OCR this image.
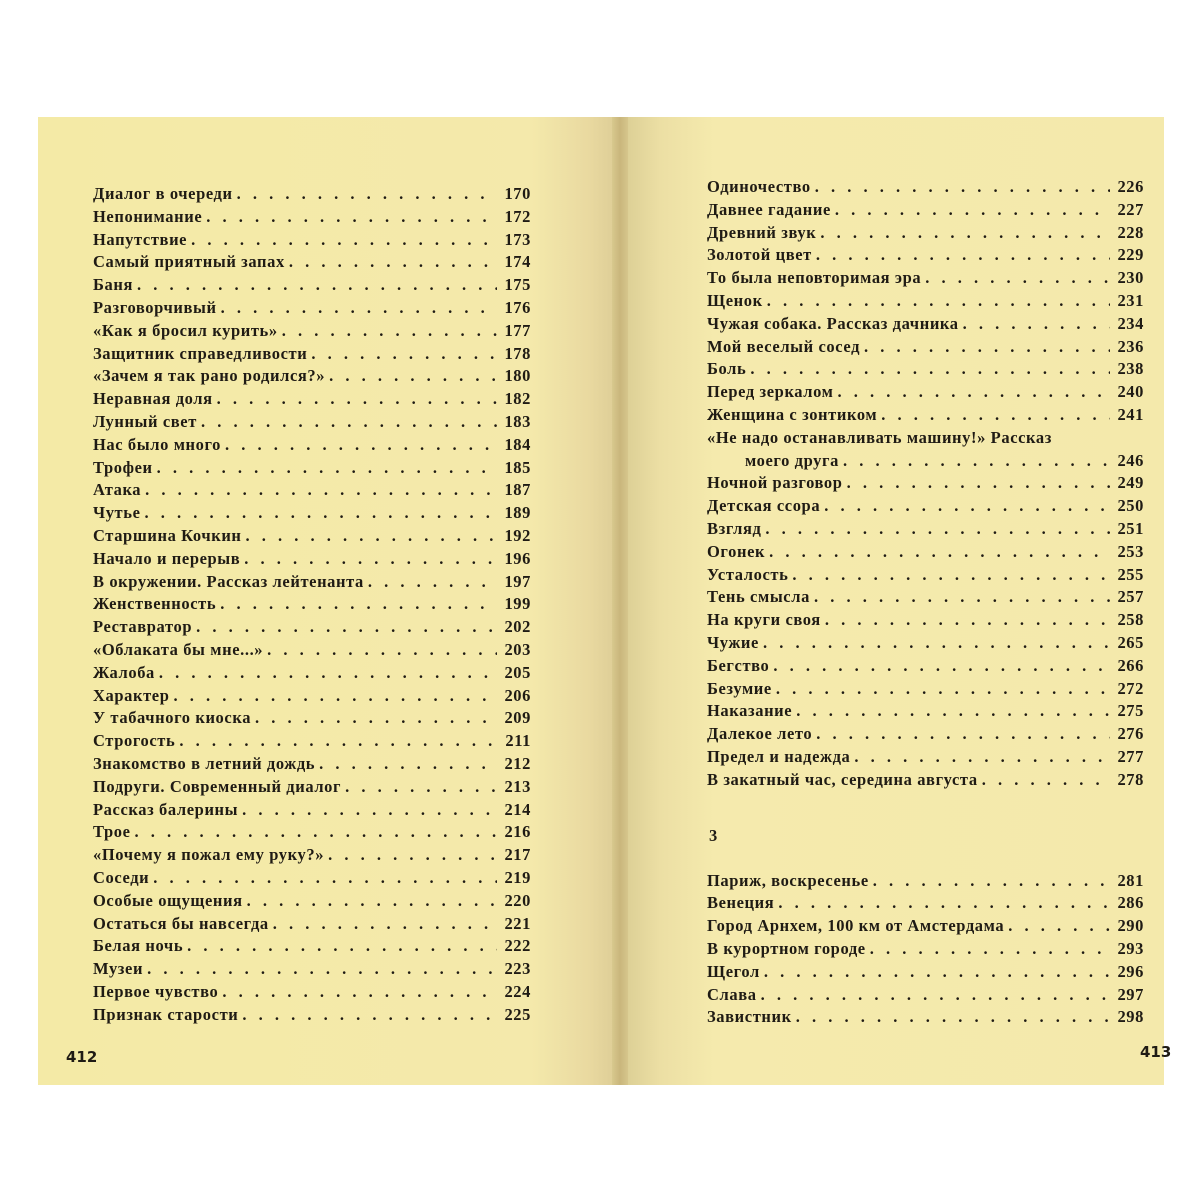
Диалог в очереди . . .	170
Непонимание . . .	172
Напутствие . . .	173
Самый приятный запах . . .	174
Баня . . .	175
Разговорчивый . . .	176
«Как я бросил курить» . . .	177
Защитник справедливости . . .	178
«Зачем я так рано родился?» . . .	180
Неравная доля . . .	182
Лунный свет . . .	183
Нас было много . . .	184
Трофеи . . .	185
Атака . . .	187
Чутье . . .	189
Старшина Кочкин . . .	192
Начало и перерыв . . .	196
В окружении. Рассказ лейтенанта . . .	197
Женственность . . .	199
Реставратор . . .	202
«Облаката бы мне...» . . .	203
Жалоба . . .	205
Характер . . .	206
У табачного киоска . . .	209
Строгость . . .	211
Знакомство в летний дождь . . .	212
Подруги. Современный диалог . . .	213
Рассказ балерины . . .	214
Трое . . .	216
«Почему я пожал ему руку?» . . .	217
Соседи . . .	219
Особые ощущения . . .	220
Остаться бы навсегда . . .	221
Белая ночь . . .	222
Музеи . . .	223
Первое чувство . . .	224
Признак старости . . .	225
Одиночество . . .	226
Давнее гадание . . .	227
Древний звук . . .	228
Золотой цвет . . .	229
То была неповторимая эра . . .	230
Щенок . . .	231
Чужая собака. Рассказ дачника . . .	234
Мой веселый сосед . . .	236
Боль . . .	238
Перед зеркалом . . .	240
Женщина с зонтиком . . .	241
«Не надо останавливать машину!» Рассказ
моего друга . . .	246
Ночной разговор . . .	249
Детская ссора . . .	250
Взгляд . . .	251
Огонек . . .	253
Усталость . . .	255
Тень смысла . . .	257
На круги своя . . .	258
Чужие . . .	265
Бегство . . .	266
Безумие . . .	272
Наказание . . .	275
Далекое лето . . .	276
Предел и надежда . . .	277
В закатный час, середина августа . . .	278
3
Париж, воскресенье . . .	281
Венеция . . .	286
Город Арнхем, 100 км от Амстердама . . .	290
В курортном городе . . .	293
Щегол . . .	296
Слава . . .	297
Завистник . . .	298
412	413
